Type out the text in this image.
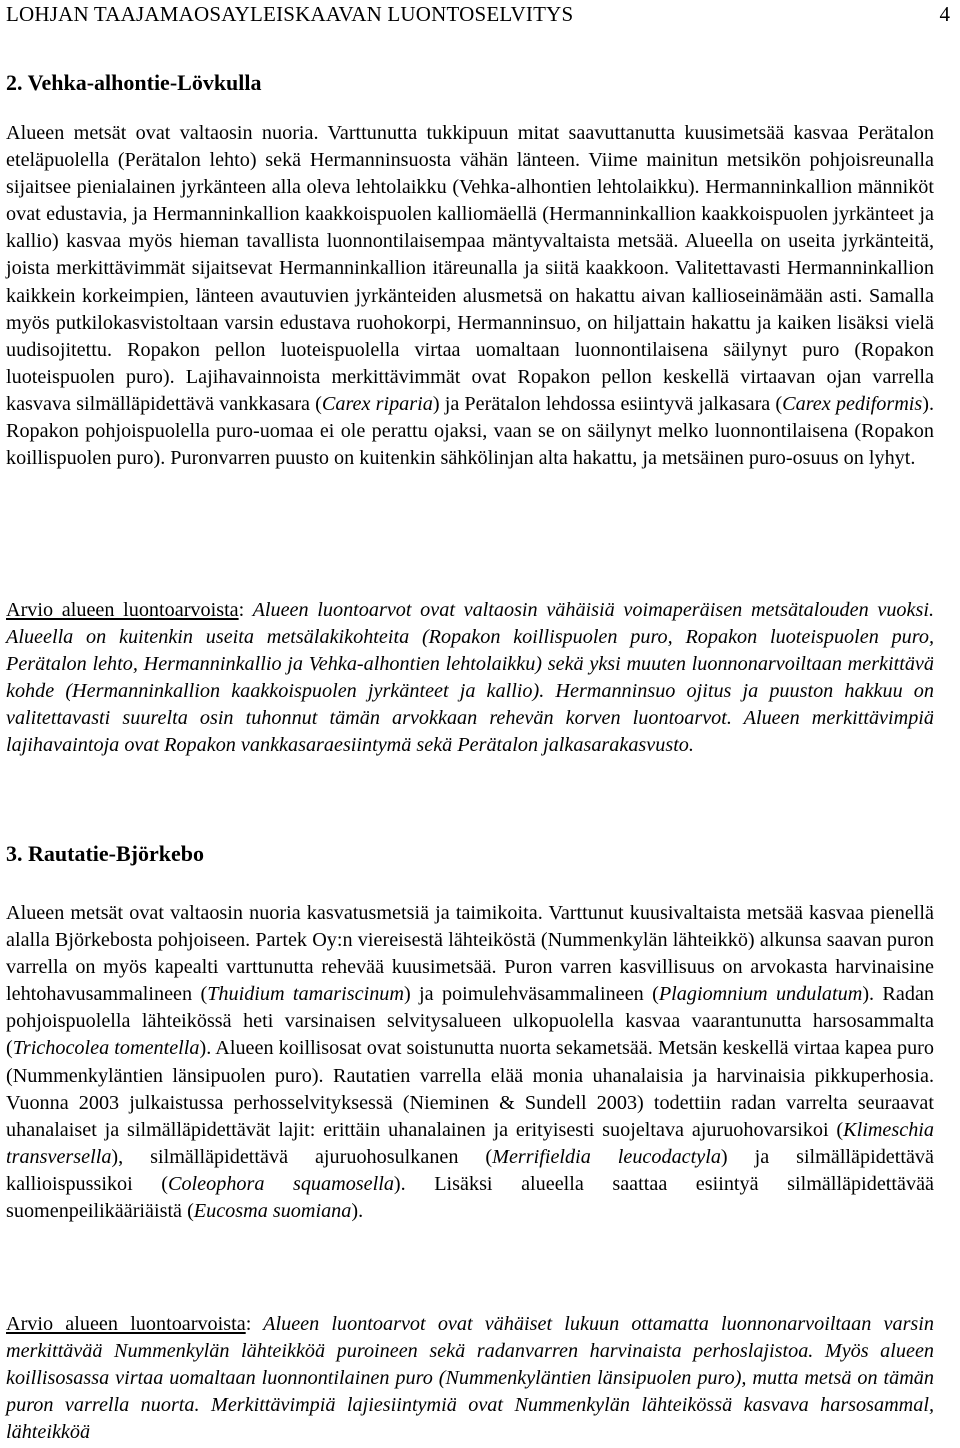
LOHJAN TAAJAMAOSAYLEISKAAVAN LUONTOSELVITYS	4
2. Vehka-alhontie-Lövkulla

Alueen metsät ovat valtaosin nuoria. Varttunutta tukkipuun mitat saavuttanutta kuusimetsää kasvaa Perätalon eteläpuolella (Perätalon lehto) sekä Hermanninsuosta vähän länteen. Viime mainitun metsikön pohjoisreunalla sijaitsee pienialainen jyrkänteen alla oleva lehtolaikku (Vehka-alhontien lehtolaikku). Hermanninkallion männiköt ovat edustavia, ja Hermanninkallion kaakkoispuolen kalliomäellä (Hermanninkallion kaakkoispuolen jyrkänteet ja kallio) kasvaa myös hieman tavallista luonnontilaisempaa mäntyvaltaista metsää. Alueella on useita jyrkänteitä, joista merkittävimmät sijaitsevat Hermanninkallion itäreunalla ja siitä kaakkoon. Valitettavasti Hermanninkallion kaikkein korkeimpien, länteen avautuvien jyrkänteiden alusmetsä on hakattu aivan kallioseinämään asti. Samalla myös putkilokasvistoltaan varsin edustava ruohokorpi, Hermanninsuo, on hiljattain hakattu ja kaiken lisäksi vielä uudisojitettu. Ropakon pellon luoteispuolella virtaa uomaltaan luonnontilaisena säilynyt puro (Ropakon luoteispuolen puro). Lajihavainnoista merkittävimmät ovat Ropakon pellon keskellä virtaavan ojan varrella kasvava silmälläpidettävä vankkasara (Carex riparia) ja Perätalon lehdossa esiintyvä jalkasara (Carex pediformis). Ropakon pohjoispuolella puro-uomaa ei ole perattu ojaksi, vaan se on säilynyt melko luonnontilaisena (Ropakon koillispuolen puro). Puronvarren puusto on kuitenkin sähkölinjan alta hakattu, ja metsäinen puro-osuus on lyhyt.

Arvio alueen luontoarvoista: Alueen luontoarvot ovat valtaosin vähäisiä voimaperäisen metsätalouden vuoksi. Alueella on kuitenkin useita metsälakikohteita (Ropakon koillispuolen puro, Ropakon luoteispuolen puro, Perätalon lehto, Hermanninkallio ja Vehka-alhontien lehtolaikku) sekä yksi muuten luonnonarvoiltaan merkittävä kohde (Hermanninkallion kaakkoispuolen jyrkänteet ja kallio). Hermanninsuo ojitus ja puuston hakkuu on valitettavasti suurelta osin tuhonnut tämän arvokkaan rehevän korven luontoarvot. Alueen merkittävimpiä lajihavaintoja ovat Ropakon vankkasaraesiintymä sekä Perätalon jalkasarakasvusto.

3. Rautatie-Björkebo

Alueen metsät ovat valtaosin nuoria kasvatusmetsiä ja taimikoita. Varttunut kuusivaltaista metsää kasvaa pienellä alalla Björkebosta pohjoiseen. Partek Oy:n viereisestä lähteiköstä (Nummenkylän lähteikkö) alkunsa saavan puron varrella on myös kapealti varttunutta rehevää kuusimetsää. Puron varren kasvillisuus on arvokasta harvinaisine lehtohavusammalineen (Thuidium tamariscinum) ja poimulehväsammalineen (Plagiomnium undulatum). Radan pohjoispuolella lähteikössä heti varsinaisen selvitysalueen ulkopuolella kasvaa vaarantunutta harsosammalta (Trichocolea tomentella). Alueen koillisosat ovat soistunutta nuorta sekametsää. Metsän keskellä virtaa kapea puro (Nummenkyläntien länsipuolen puro). Rautatien varrella elää monia uhanalaisia ja harvinaisia pikkuperhosia. Vuonna 2003 julkaistussa perhosselvityksessä (Nieminen & Sundell 2003) todettiin radan varrelta seuraavat uhanalaiset ja silmälläpidettävät lajit: erittäin uhanalainen ja erityisesti suojeltava ajuruohovarsikoi (Klimeschia transversella), silmälläpidettävä ajuruohosulkanen (Merrifieldia leucodactyla) ja silmälläpidettävä kallioispussikoi (Coleophora squamosella). Lisäksi alueella saattaa esiintyä silmälläpidettävää suomenpeilikääriäistä (Eucosma suomiana).

Arvio alueen luontoarvoista: Alueen luontoarvot ovat vähäiset lukuun ottamatta luonnonarvoiltaan varsin merkittävää Nummenkylän lähteikköä puroineen sekä radanvarren harvinaista perhoslajistoa. Myös alueen koillisosassa virtaa uomaltaan luonnontilainen puro (Nummenkyläntien länsipuolen puro), mutta metsä on tämän puron varrella nuorta. Merkittävimpiä lajiesiintymiä ovat Nummenkylän lähteikössä kasvava harsosammal, lähteikköä
